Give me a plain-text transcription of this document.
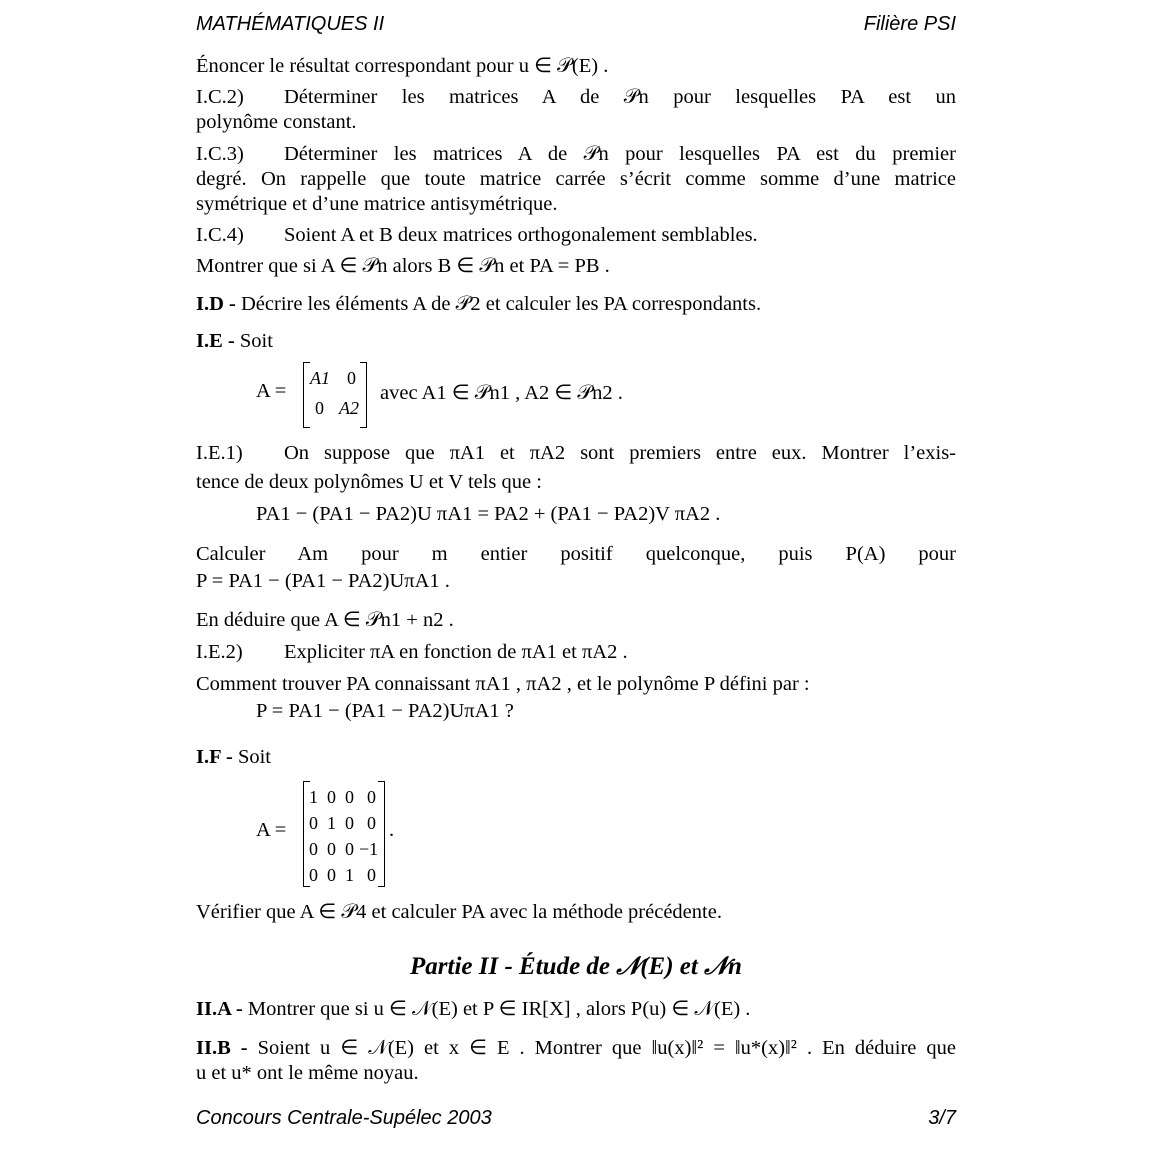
MATHÉMATIQUES II	Filière PSI
Énoncer le résultat correspondant pour u ∈ 𝒫(E) .
I.C.2) Déterminer les matrices A de 𝒫n pour lesquelles PA est un
polynôme constant.
I.C.3) Déterminer les matrices A de 𝒫n pour lesquelles PA est du premier
degré. On rappelle que toute matrice carrée s’écrit comme somme d’une matrice
symétrique et d’une matrice antisymétrique.
I.C.4) Soient A et B deux matrices orthogonalement semblables.
Montrer que si A ∈ 𝒫n alors B ∈ 𝒫n et PA = PB .
I.D - Décrire les éléments A de 𝒫2 et calculer les PA correspondants.
I.E - Soit
A =
A1 0
0 A2
avec A1 ∈ 𝒫n1 , A2 ∈ 𝒫n2 .
I.E.1) On suppose que πA1 et πA2 sont premiers entre eux. Montrer l’exis-
tence de deux polynômes U et V tels que :
PA1 − (PA1 − PA2)U πA1 = PA2 + (PA1 − PA2)V πA2 .
Calculer Am pour m entier positif quelconque, puis P(A) pour
P = PA1 − (PA1 − PA2)UπA1 .
En déduire que A ∈ 𝒫n1 + n2 .
I.E.2) Expliciter πA en fonction de πA1 et πA2 .
Comment trouver PA connaissant πA1 , πA2 , et le polynôme P défini par :
P = PA1 − (PA1 − PA2)UπA1 ?
I.F - Soit
A =
1 0 0 0
0 1 0 0
0 0 0 −1
0 0 1 0
.
Vérifier que A ∈ 𝒫4 et calculer PA avec la méthode précédente.
Partie II - Étude de 𝒩(E) et 𝒩n
II.A - Montrer que si u ∈ 𝒩(E) et P ∈ IR[X] , alors P(u) ∈ 𝒩(E) .
II.B - Soient u ∈ 𝒩(E) et x ∈ E . Montrer que ‖u(x)‖² = ‖u*(x)‖² . En déduire que
u et u* ont le même noyau.
Concours Centrale-Supélec 2003	3/7
